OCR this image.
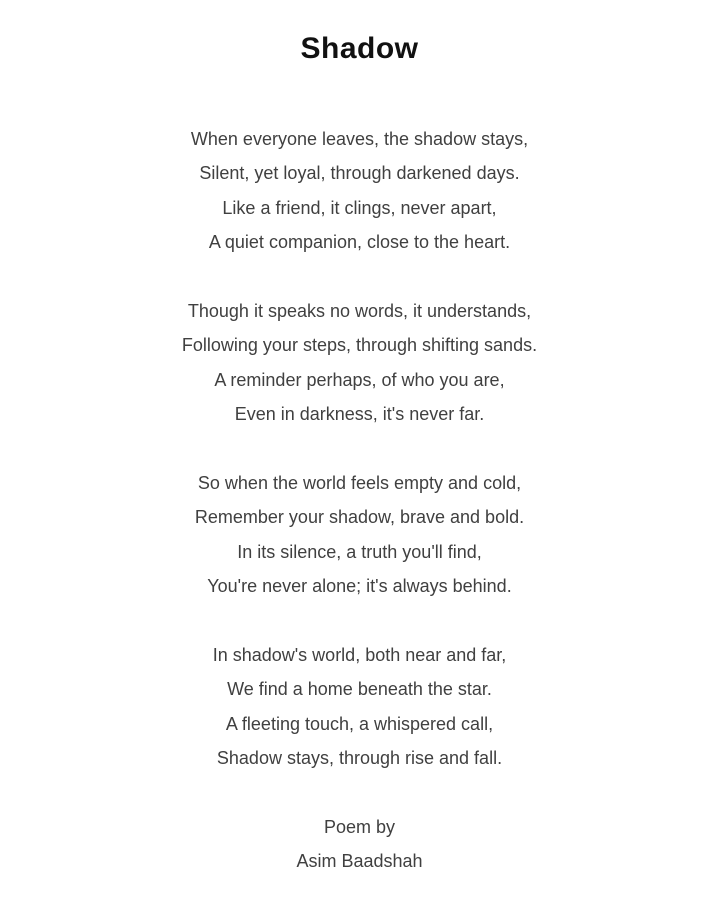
Shadow

When everyone leaves, the shadow stays,

Silent, yet loyal, through darkened days.

Like a friend, it clings, never apart,

A quiet companion, close to the heart.

Though it speaks no words, it understands,

Following your steps, through shifting sands.

A reminder perhaps, of who you are,

Even in darkness, it's never far.

So when the world feels empty and cold,

Remember your shadow, brave and bold.

In its silence, a truth you'll find,

You're never alone; it's always behind.

In shadow's world, both near and far,

We find a home beneath the star.

A fleeting touch, a whispered call,

Shadow stays, through rise and fall.

Poem by

Asim Baadshah
